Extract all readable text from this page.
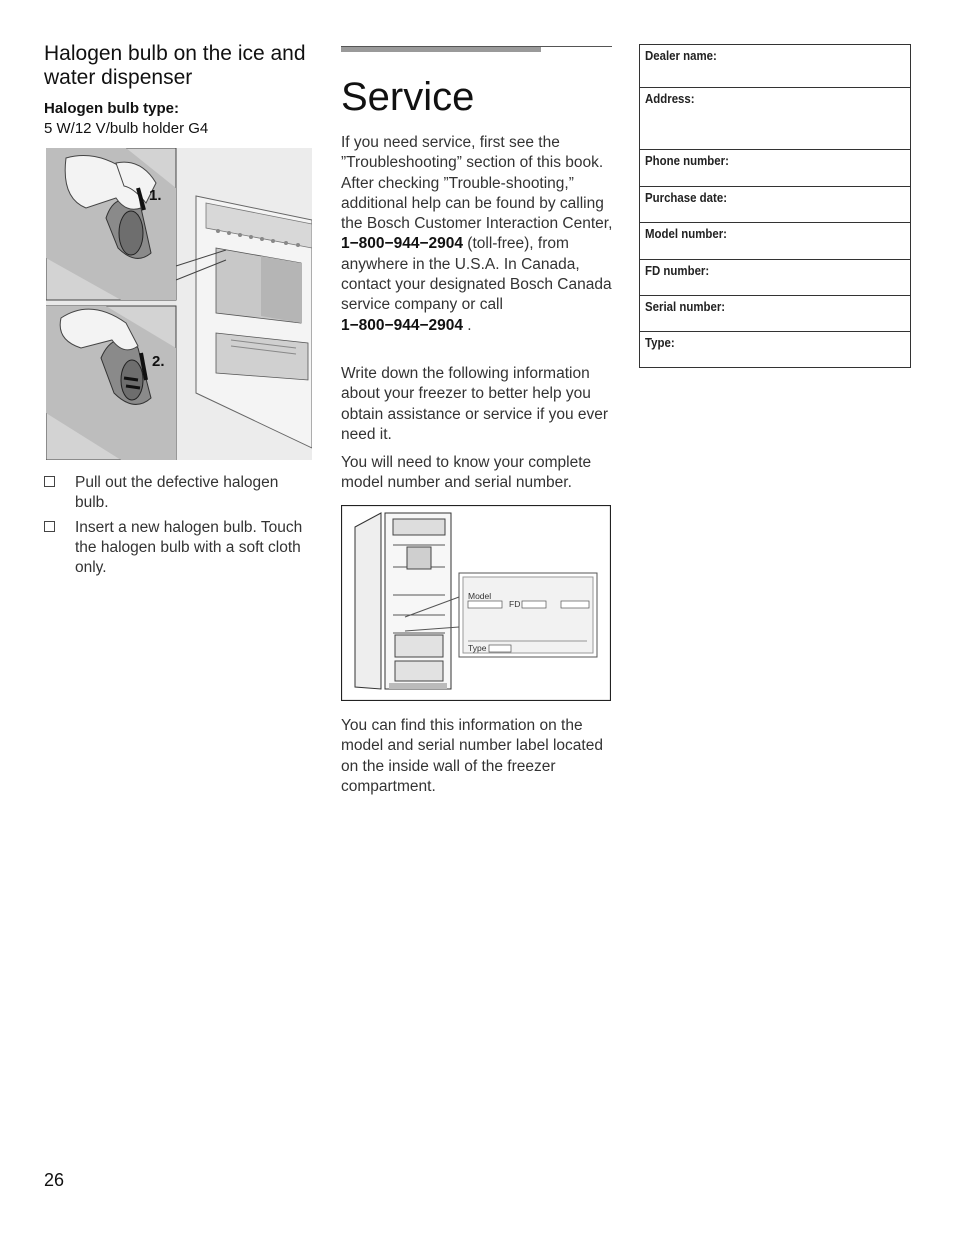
Halogen bulb on the ice and water dispenser
Halogen bulb type:
5 W/12 V/bulb holder G4
1.
2.
Pull out the defective halogen bulb.
Insert a new halogen bulb. Touch the halogen bulb with a soft cloth only.
Service
If you need service, first see the ”Troubleshooting” section of this book. After checking ”Trouble-shooting,” additional help can be found by calling the Bosch Customer Interaction Center, 1−800−944−2904 (toll-free), from anywhere in the U.S.A. In Canada, contact your designated Bosch Canada service company or call 1−800−944−2904 .
Write down the following information about your freezer to better help you obtain assistance or service if you ever need it.
You will need to know your complete model number and serial number.
Model
FD
Type
You can find this information on the model and serial number label located on the inside wall of the freezer compartment.
Dealer name:
Address:
Phone number:
Purchase date:
Model number:
FD number:
Serial number:
Type:
26
